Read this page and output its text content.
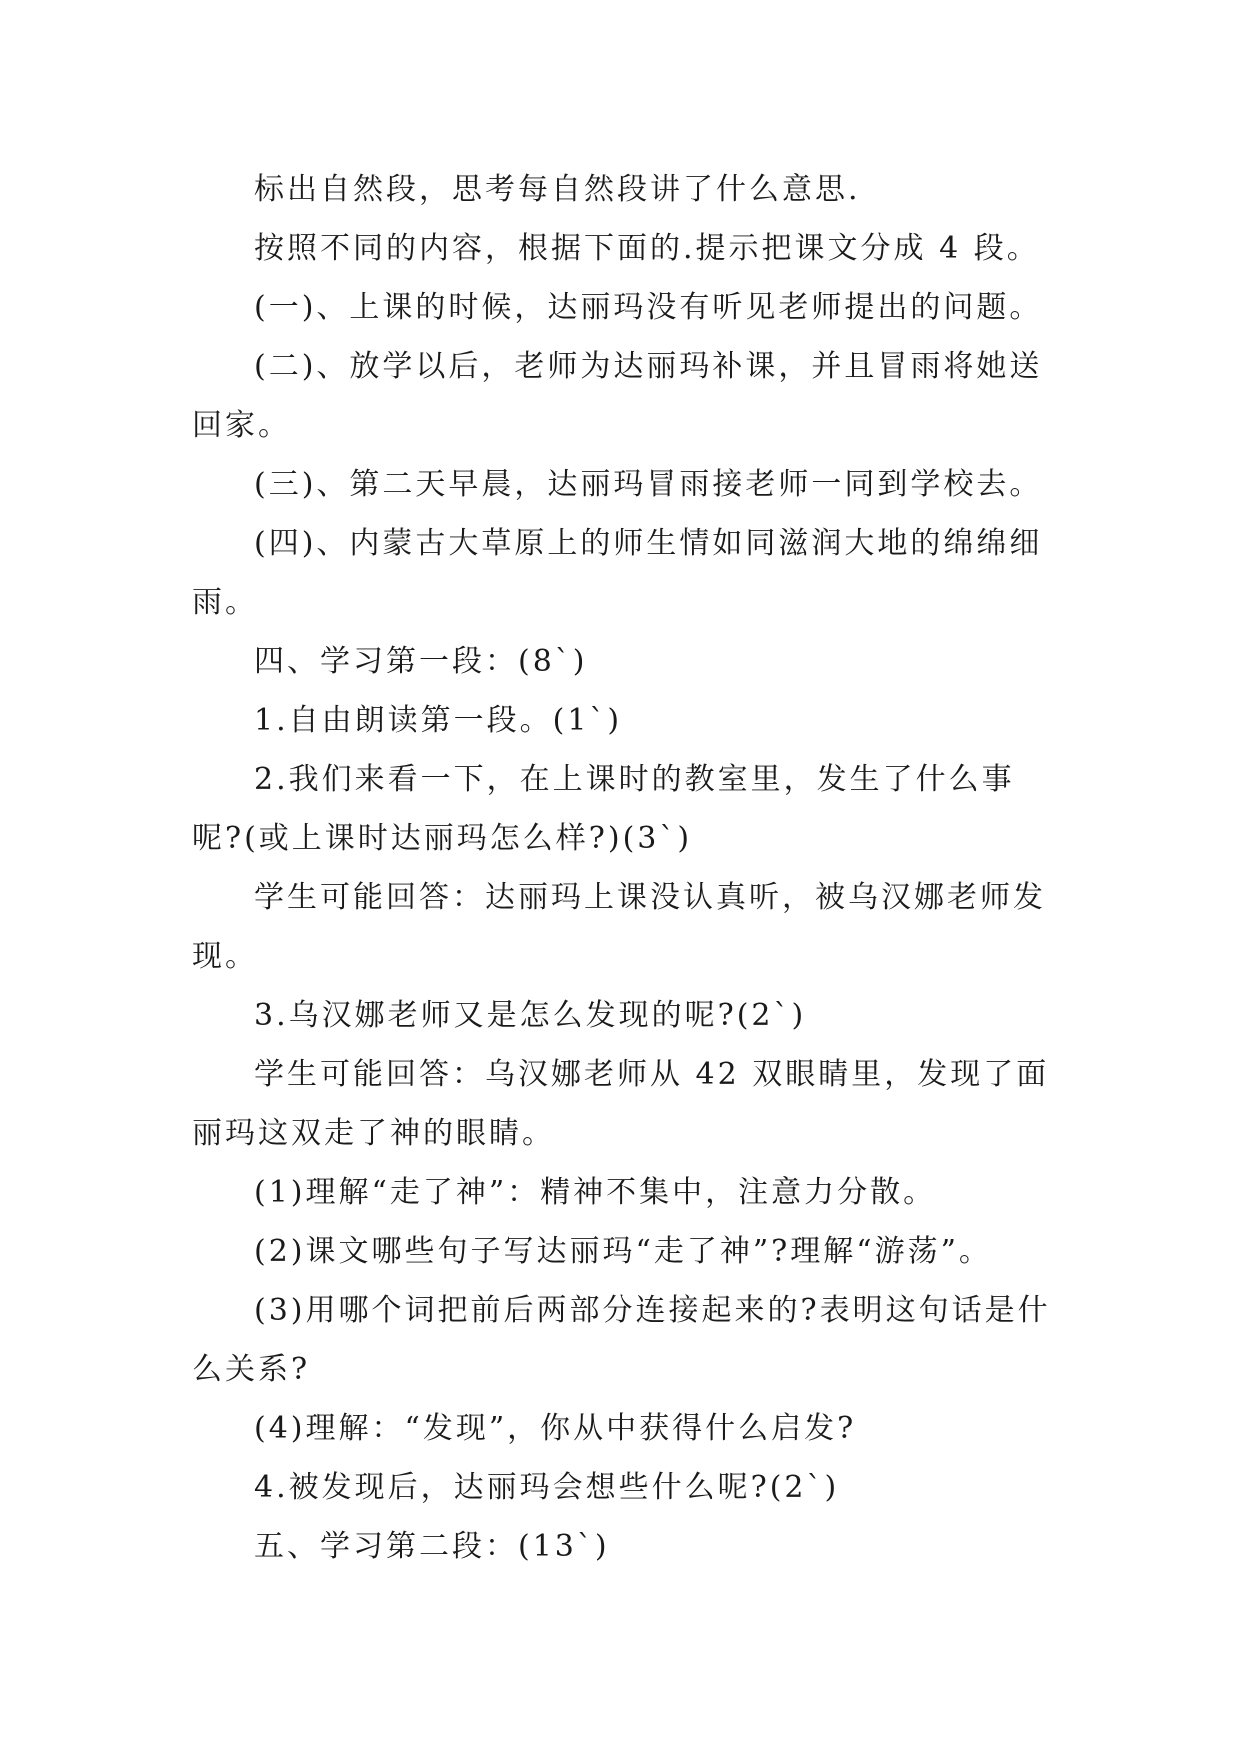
标出自然段，思考每自然段讲了什么意思.
按照不同的内容，根据下面的.提示把课文分成 4 段。
(一)、上课的时候，达丽玛没有听见老师提出的问题。
(二)、放学以后，老师为达丽玛补课，并且冒雨将她送
回家。
(三)、第二天早晨，达丽玛冒雨接老师一同到学校去。
(四)、内蒙古大草原上的师生情如同滋润大地的绵绵细
雨。
四、学习第一段：(8`)
1.自由朗读第一段。(1`)
2.我们来看一下，在上课时的教室里，发生了什么事
呢?(或上课时达丽玛怎么样?)(3`)
学生可能回答：达丽玛上课没认真听，被乌汉娜老师发
现。
3.乌汉娜老师又是怎么发现的呢?(2`)
学生可能回答：乌汉娜老师从 42 双眼睛里，发现了面
丽玛这双走了神的眼睛。
(1)理解“走了神”：精神不集中，注意力分散。
(2)课文哪些句子写达丽玛“走了神”?理解“游荡”。
(3)用哪个词把前后两部分连接起来的?表明这句话是什
么关系?
(4)理解：“发现”，你从中获得什么启发?
4.被发现后，达丽玛会想些什么呢?(2`)
五、学习第二段：(13`)
